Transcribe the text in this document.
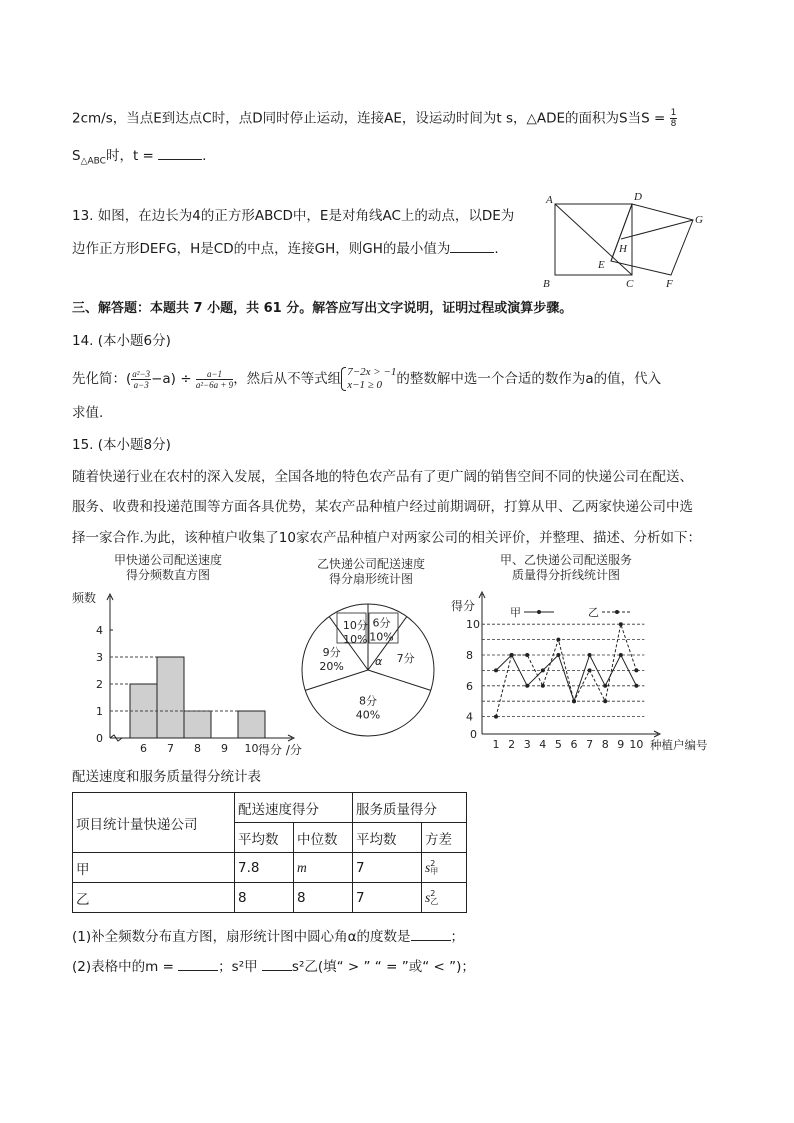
2cm/s，当点E到达点C时，点D同时停止运动，连接AE，设运动时间为t s，△ADE的面积为S当$S = \frac{1}{8}$
$S_{\triangle ABC}$时，t =	.
13. 如图，在边长为4的正方形ABCD中，E是对角线AC上的动点，以DE为
边作正方形DEFG，H是CD的中点，连接GH，则GH的最小值为	.
A	D
G
H
E
B	C	F
三、解答题：本题共 7 小题，共 61 分。解答应写出文字说明，证明过程或演算步骤。
14. (本小题6分)
先化简：( $\frac{\text{a²−3}}{a-3} -a) \div \frac{a-1}{\text{a²−6a + 9}}$ ，然后从不等式组 7−2x > −1
x−1 ≥ 0	的整数解中选一个合适的数作为a的值，代入
求值.
15. (本小题8分)
随着快递行业在农村的深入发展，全国各地的特色农产品有了更广阔的销售空间不同的快递公司在配送、
服务、收费和投递范围等方面各具优势，某农产品种植户经过前期调研，打算从甲、乙两家快递公司中选
择一家合作.为此，该种植户收集了10家农产品种植户对两家公司的相关评价，并整理、描述、分析如下：
甲快递公司配送速度
得分频数直方图
频数
得分 /分
0
1
2
3
4
6 7 8 9 10
乙快递公司配送速度
得分扇形统计图
10分
10%
6分
10%
7分
8分
40%
9分
20%	α
甲、乙快递公司配送服务
质量得分折线统计图
得分
种植户编号
0
4
6
8
10
1 2 3 4 5 6 7 8 9 10
甲	乙
配送速度和服务质量得分统计表
项目统计量快递公司	配送速度得分		服务质量得分	
	平均数	中位数	平均数	方差
甲	7.8	m	7	s 2
甲

乙	8	8	7	s 2
乙
(1)补全频数分布直方图，扇形统计图中圆心角α的度数是	；
(2)表格中的m =	；s²甲 s²乙(填“ > ” “ = ”或“ < ”)；
